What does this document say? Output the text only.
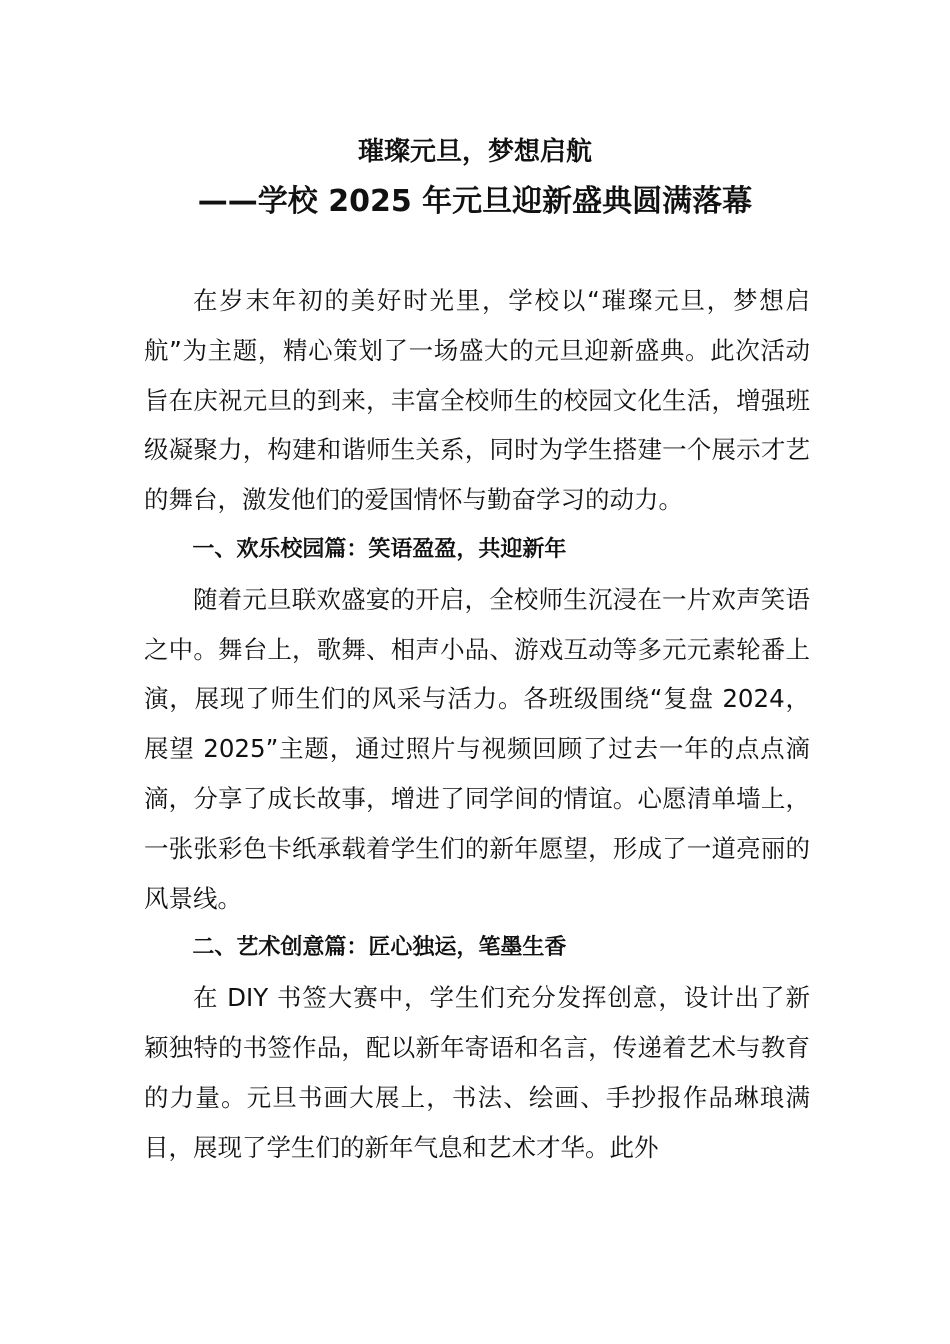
璀璨元旦，梦想启航
——学校 2025 年元旦迎新盛典圆满落幕

在岁末年初的美好时光里，学校以“璀璨元旦，梦想启航”为主题，精心策划了一场盛大的元旦迎新盛典。此次活动旨在庆祝元旦的到来，丰富全校师生的校园文化生活，增强班级凝聚力，构建和谐师生关系，同时为学生搭建一个展示才艺的舞台，激发他们的爱国情怀与勤奋学习的动力。

一、欢乐校园篇：笑语盈盈，共迎新年

随着元旦联欢盛宴的开启，全校师生沉浸在一片欢声笑语之中。舞台上，歌舞、相声小品、游戏互动等多元元素轮番上演，展现了师生们的风采与活力。各班级围绕“复盘 2024，展望 2025”主题，通过照片与视频回顾了过去一年的点点滴滴，分享了成长故事，增进了同学间的情谊。心愿清单墙上，一张张彩色卡纸承载着学生们的新年愿望，形成了一道亮丽的风景线。

二、艺术创意篇：匠心独运，笔墨生香

在 DIY 书签大赛中，学生们充分发挥创意，设计出了新颖独特的书签作品，配以新年寄语和名言，传递着艺术与教育的力量。元旦书画大展上，书法、绘画、手抄报作品琳琅满目，展现了学生们的新年气息和艺术才华。此外
